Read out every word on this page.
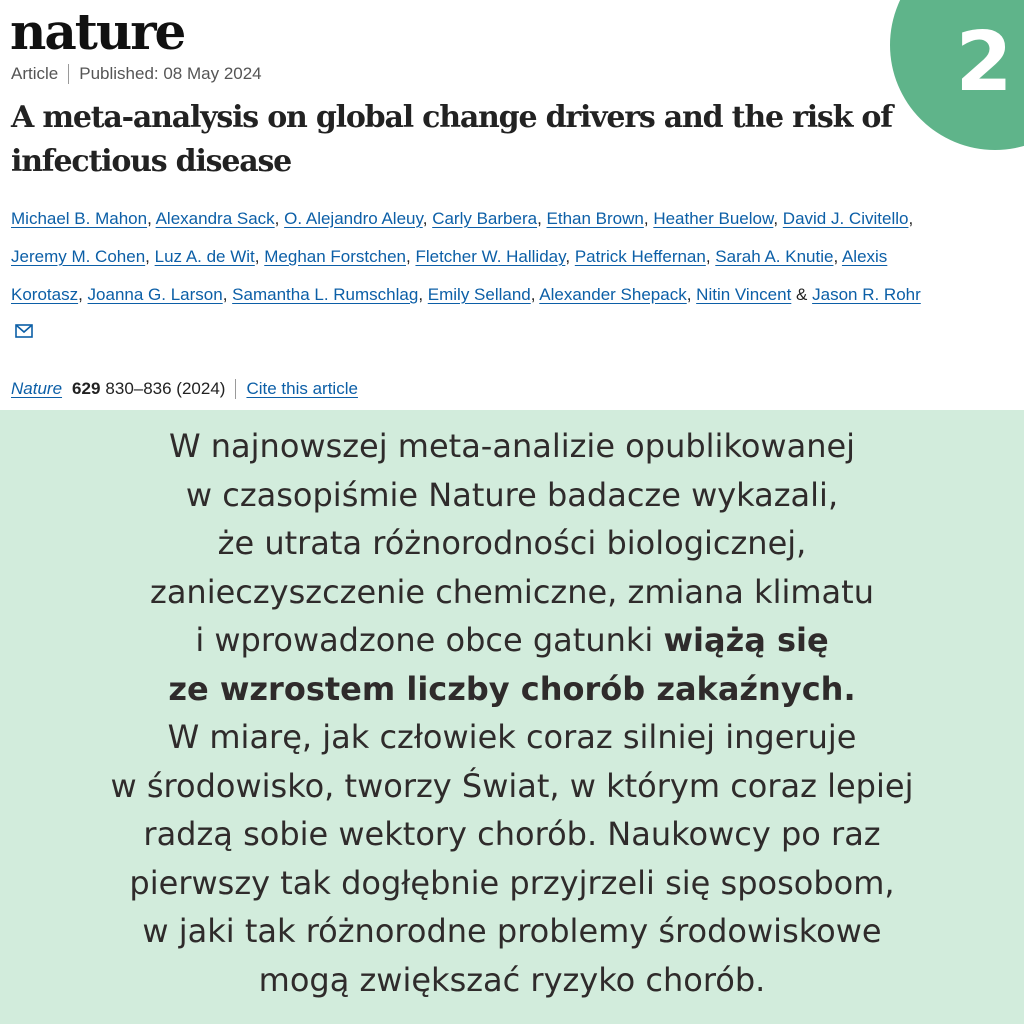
nature
Article Published: 08 May 2024
A meta-analysis on global change drivers and the risk of
infectious disease

Michael B. Mahon, Alexandra Sack, O. Alejandro Aleuy, Carly Barbera, Ethan Brown, Heather Buelow, David J. Civitello, Jeremy M. Cohen, Luz A. de Wit, Meghan Forstchen, Fletcher W. Halliday, Patrick Heffernan, Sarah A. Knutie, Alexis Korotasz, Joanna G. Larson, Samantha L. Rumschlag, Emily Selland, Alexander Shepack, Nitin Vincent & Jason R. Rohr

Nature 629 830–836 (2024) Cite this article
2

W najnowszej meta-analizie opublikowanej
w czasopiśmie Nature badacze wykazali,
że utrata różnorodności biologicznej,
zanieczyszczenie chemiczne, zmiana klimatu
i wprowadzone obce gatunki wiążą się
ze wzrostem liczby chorób zakaźnych.
W miarę, jak człowiek coraz silniej ingeruje
w środowisko, tworzy Świat, w którym coraz lepiej
radzą sobie wektory chorób. Naukowcy po raz
pierwszy tak dogłębnie przyjrzeli się sposobom,
w jaki tak różnorodne problemy środowiskowe
mogą zwiększać ryzyko chorób.
